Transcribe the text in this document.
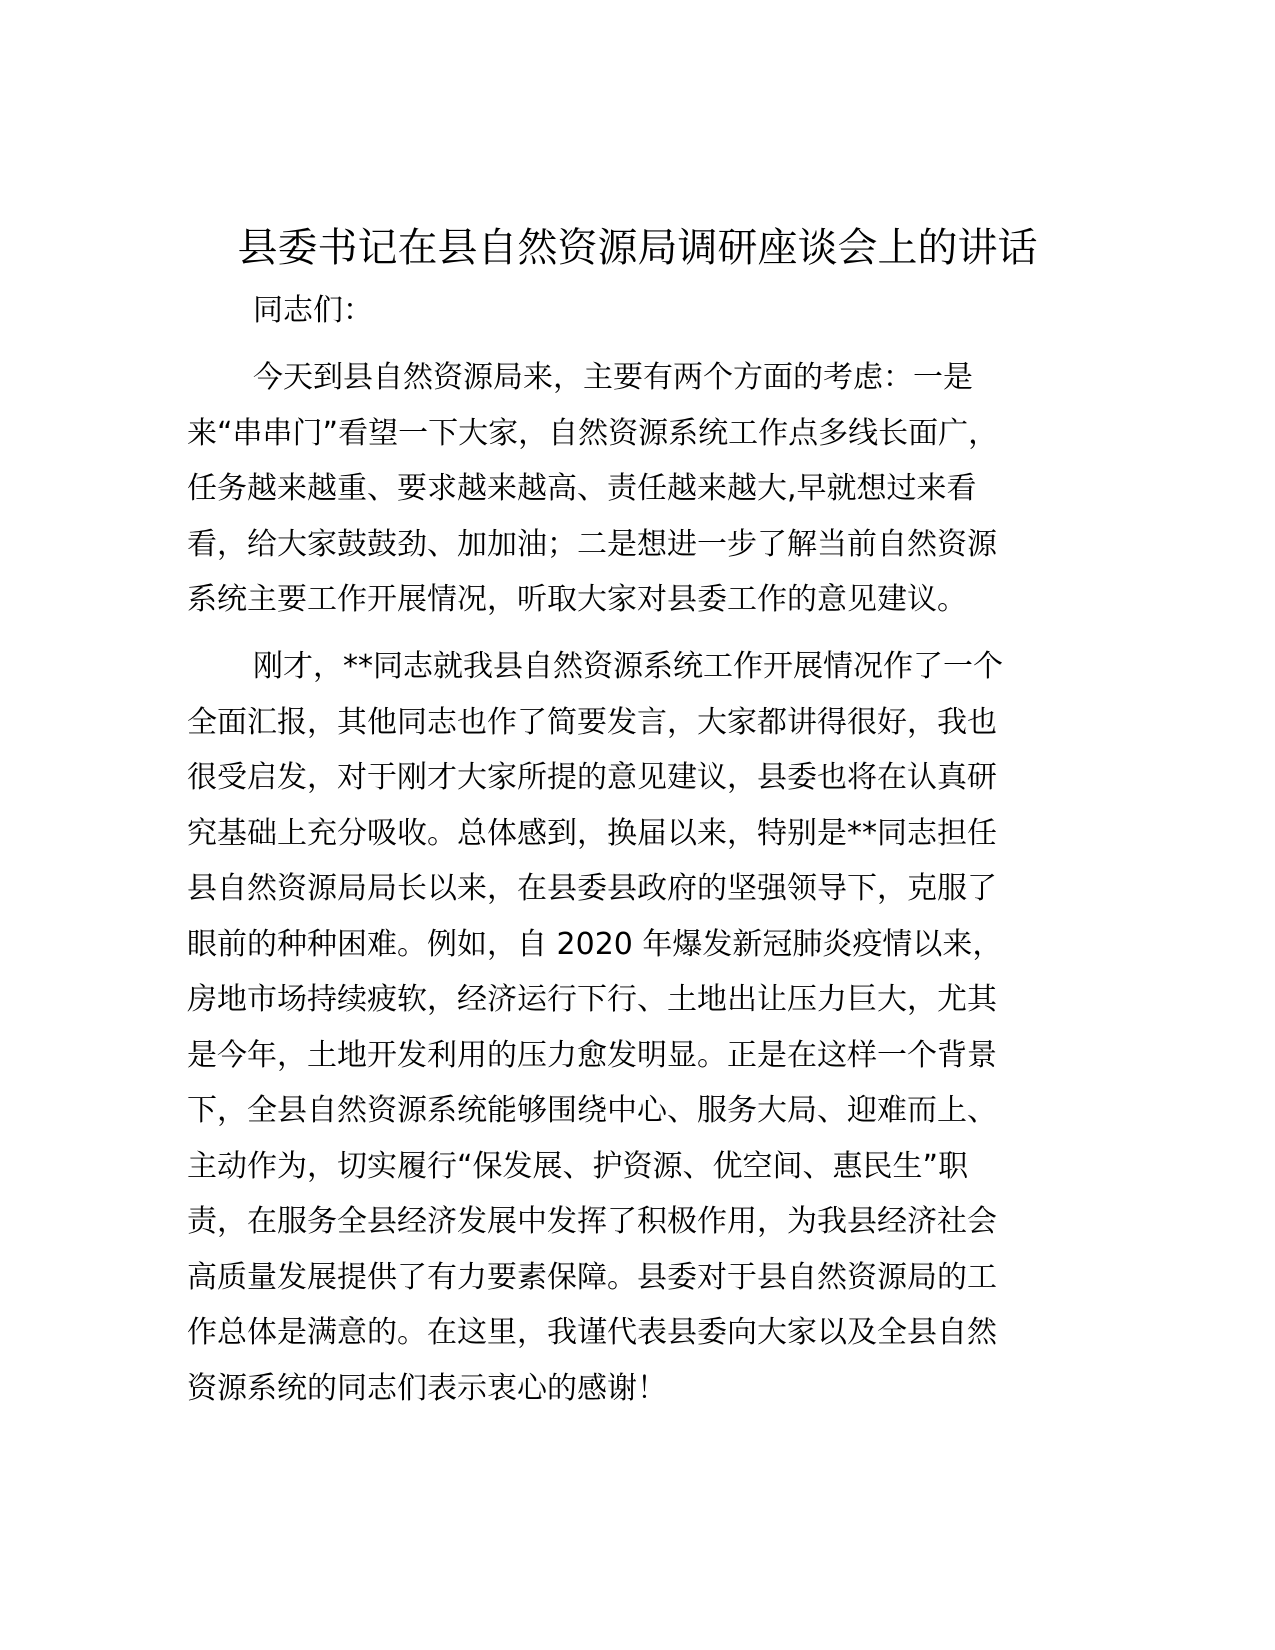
县委书记在县自然资源局调研座谈会上的讲话

同志们：

今天到县自然资源局来，主要有两个方面的考虑：一是

来“串串门”看望一下大家，自然资源系统工作点多线长面广，

任务越来越重、要求越来越高、责任越来越大,早就想过来看

看，给大家鼓鼓劲、加加油；二是想进一步了解当前自然资源

系统主要工作开展情况，听取大家对县委工作的意见建议。

刚才，**同志就我县自然资源系统工作开展情况作了一个

全面汇报，其他同志也作了简要发言，大家都讲得很好，我也

很受启发，对于刚才大家所提的意见建议，县委也将在认真研

究基础上充分吸收。总体感到，换届以来，特别是**同志担任

县自然资源局局长以来，在县委县政府的坚强领导下，克服了

眼前的种种困难。例如，自 2020 年爆发新冠肺炎疫情以来，

房地市场持续疲软，经济运行下行、土地出让压力巨大，尤其

是今年，土地开发利用的压力愈发明显。正是在这样一个背景

下，全县自然资源系统能够围绕中心、服务大局、迎难而上、

主动作为，切实履行“保发展、护资源、优空间、惠民生”职

责，在服务全县经济发展中发挥了积极作用，为我县经济社会

高质量发展提供了有力要素保障。县委对于县自然资源局的工

作总体是满意的。在这里，我谨代表县委向大家以及全县自然

资源系统的同志们表示衷心的感谢！
